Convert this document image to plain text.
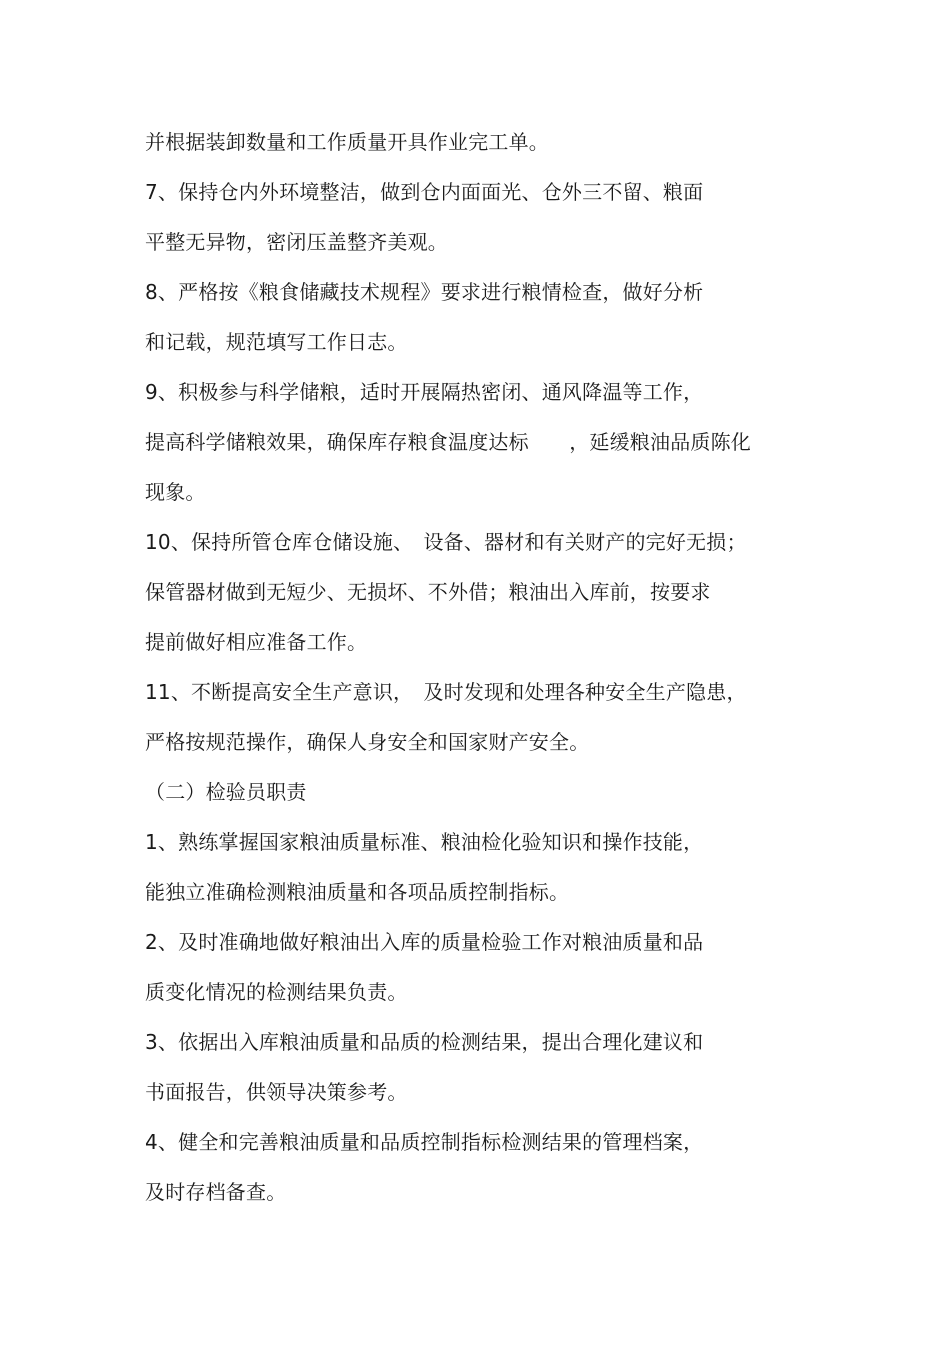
并根据装卸数量和工作质量开具作业完工单。
7、保持仓内外环境整洁，做到仓内面面光、仓外三不留、粮面
平整无异物，密闭压盖整齐美观。
8、严格按《粮食储藏技术规程》要求进行粮情检查，做好分析
和记载，规范填写工作日志。
9、积极参与科学储粮，适时开展隔热密闭、通风降温等工作，
提高科学储粮效果，确保库存粮食温度达标　　，延缓粮油品质陈化
现象。
10、保持所管仓库仓储设施、　设备、器材和有关财产的完好无损；
保管器材做到无短少、无损坏、不外借；粮油出入库前，按要求
提前做好相应准备工作。
11、不断提高安全生产意识，　及时发现和处理各种安全生产隐患，
严格按规范操作，确保人身安全和国家财产安全。
（二）检验员职责
1、熟练掌握国家粮油质量标准、粮油检化验知识和操作技能，
能独立准确检测粮油质量和各项品质控制指标。
2、及时准确地做好粮油出入库的质量检验工作对粮油质量和品
质变化情况的检测结果负责。
3、依据出入库粮油质量和品质的检测结果，提出合理化建议和
书面报告，供领导决策参考。
4、健全和完善粮油质量和品质控制指标检测结果的管理档案，
及时存档备查。
